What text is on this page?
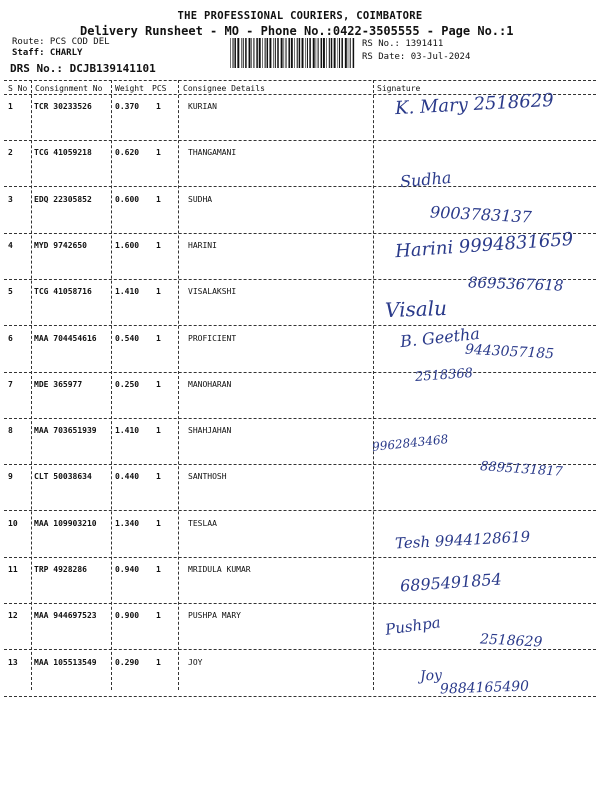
THE PROFESSIONAL COURIERS, COIMBATORE
Delivery Runsheet - MO - Phone No.:0422-3505555 - Page No.:1
Route: PCS COD DEL
Staff: CHARLY
DRS No.: DCJB139141101
RS No.: 1391411
RS Date: 03-Jul-2024
S No Consignment No Weight PCS Consignee Details	Signature
1	TCR 30233526	0.370 1	KURIAN	K. Mary 2518629
2	TCG 41059218	0.620 1	THANGAMANI
Sudha
3	EDQ 22305852	0.600 1	SUDHA
9003783137
4	MYD 9742650	1.600 1	HARINI	Harini 9994831659
5	TCG 41058716	1.410 1	VISALAKSHI	8695367618
Visalu
6	MAA 704454616 0.540 1	PROFICIENT	B. Geetha
9443057185
7	MDE 365977	0.250 1	MANOHARAN	2518368
8	MAA 703651939 1.410 1	SHAHJAHAN
9962843468
9	CLT 50038634	0.440 1	SANTHOSH	8895131817
10 MAA 109903210 1.340 1	TESLAA
Tesh 9944128619
11 TRP 4928286	0.940 1	MRIDULA KUMAR	6895491854
12 MAA 944697523 0.900 1	PUSHPA MARY	Pushpa
2518629
13 MAA 105513549 0.290 1	JOY
Joy
9884165490
